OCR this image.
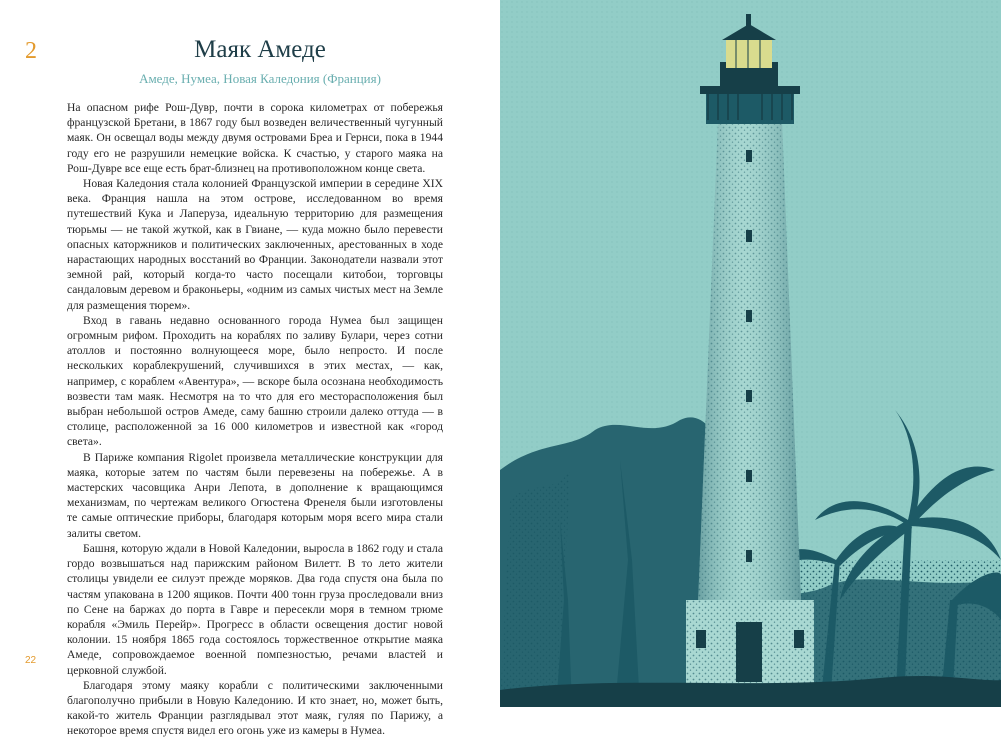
2	Маяк Амеде
Амеде, Нумеа, Новая Каледония (Франция)

На опасном рифе Рош-Дувр, почти в сорока километрах от побережья французской Бретани, в 1867 году был возведен величественный чугунный маяк. Он освещал воды между двумя островами Бреа и Гернси, пока в 1944 году его не разрушили немецкие войска. К счастью, у старого маяка на Рош-Дувре все еще есть брат-близнец на противоположном конце света.

Новая Каледония стала колонией Французской империи в середине XIX века. Франция нашла на этом острове, исследованном во время путешествий Кука и Лаперуза, идеальную территорию для размещения тюрьмы — не такой жуткой, как в Гвиане, — куда можно было перевести опасных каторжников и политических заключенных, арестованных в ходе нарастающих народных восстаний во Франции. Законодатели назвали этот земной рай, который когда-то часто посещали китобои, торговцы сандаловым деревом и браконьеры, «одним из самых чистых мест на Земле для размещения тюрем».

Вход в гавань недавно основанного города Нумеа был защищен огромным рифом. Проходить на кораблях по заливу Булари, через сотни атоллов и постоянно волнующееся море, было непросто. И после нескольких кораблекрушений, случившихся в этих местах, — как, например, с кораблем «Авентура», — вскоре была осознана необходимость возвести там маяк. Несмотря на то что для его месторасположения был выбран небольшой остров Амеде, саму башню строили далеко оттуда — в столице, расположенной за 16 000 километров и известной как «город света».

В Париже компания Rigolet произвела металлические конструкции для маяка, которые затем по частям были перевезены на побережье. А в мастерских часовщика Анри Лепота, в дополнение к вращающимся механизмам, по чертежам великого Огюстена Френеля были изготовлены те самые оптические приборы, благодаря которым моря всего мира стали залиты светом.

Башня, которую ждали в Новой Каледонии, выросла в 1862 году и стала гордо возвышаться над парижским районом Вилетт. В то лето жители столицы увидели ее силуэт прежде моряков. Два года спустя она была по частям упакована в 1200 ящиков. Почти 400 тонн груза проследовали вниз по Сене на баржах до порта в Гавре и пересекли моря в темном трюме корабля «Эмиль Перейр». Прогресс в области освещения достиг новой колонии. 15 ноября 1865 года состоялось торжественное открытие маяка Амеде, сопровождаемое военной помпезностью, речами властей и церковной службой.

Благодаря этому маяку корабли с политическими заключенными благополучно прибыли в Новую Каледонию. И кто знает, но, может быть, какой-то житель Франции разглядывал этот маяк, гуляя по Парижу, а некоторое время спустя видел его огонь уже из камеры в Нумеа.

22
